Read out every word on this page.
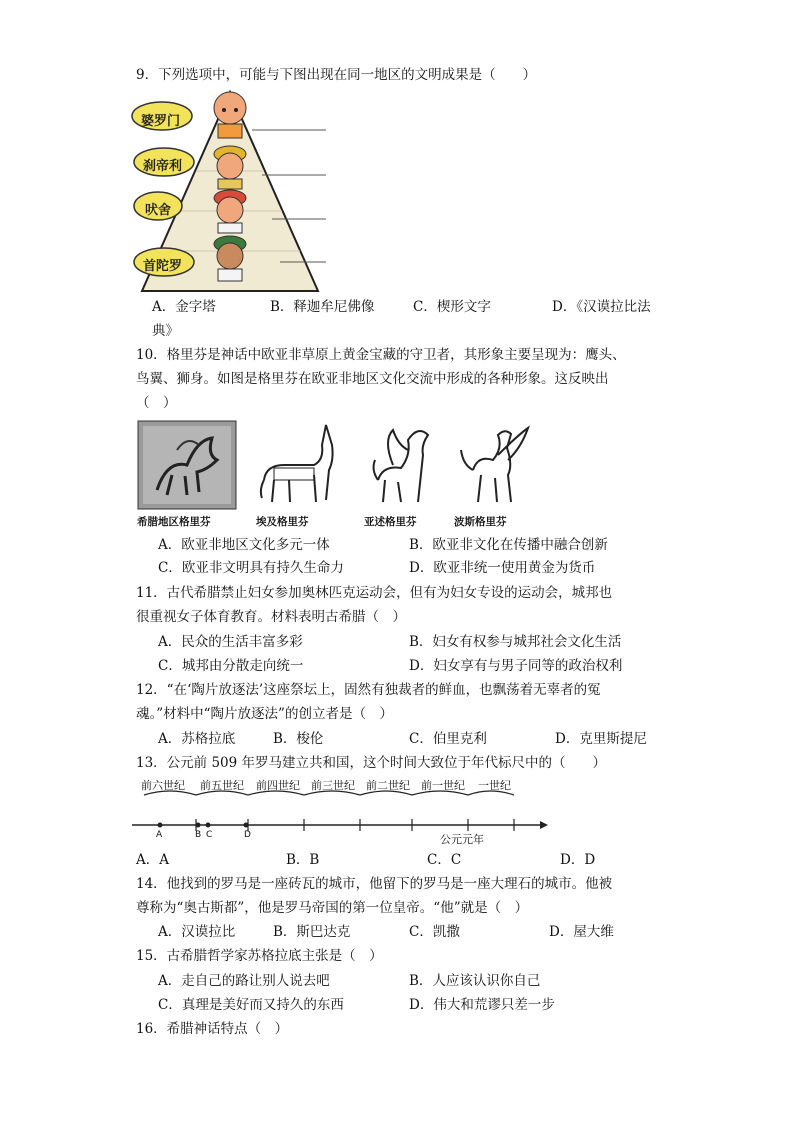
9．下列选项中，可能与下图出现在同一地区的文明成果是（　　）
婆罗门
刹帝利
吠舍
首陀罗
A．金字塔	B．释迦牟尼佛像	C．楔形文字	D．《汉谟拉比法
典》
10．格里芬是神话中欧亚非草原上黄金宝藏的守卫者，其形象主要呈现为：鹰头、
鸟翼、狮身。如图是格里芬在欧亚非地区文化交流中形成的各种形象。这反映出
（　）
希腊地区格里芬	埃及格里芬	亚述格里芬	波斯格里芬
A．欧亚非地区文化多元一体	B．欧亚非文化在传播中融合创新
C．欧亚非文明具有持久生命力	D．欧亚非统一使用黄金为货币
11．古代希腊禁止妇女参加奥林匹克运动会，但有为妇女专设的运动会，城邦也
很重视女子体育教育。材料表明古希腊（　）
A．民众的生活丰富多彩	B．妇女有权参与城邦社会文化生活
C．城邦由分散走向统一	D．妇女享有与男子同等的政治权利
12．“在‘陶片放逐法’这座祭坛上，固然有独裁者的鲜血，也飘荡着无辜者的冤
魂。”材料中“陶片放逐法”的创立者是（　）
A．苏格拉底	B．梭伦	C．伯里克利	D．克里斯提尼
13．公元前 509 年罗马建立共和国，这个时间大致位于年代标尺中的（　　）
前六世纪 前五世纪 前四世纪 前三世纪 前二世纪 前一世纪 一世纪
A	B C	D	公元元年
A．A	B．B	C．C	D．D
14．他找到的罗马是一座砖瓦的城市，他留下的罗马是一座大理石的城市。他被
尊称为“奥古斯都”，他是罗马帝国的第一位皇帝。“他”就是（　）
A．汉谟拉比	B．斯巴达克	C．凯撒	D．屋大维
15．古希腊哲学家苏格拉底主张是（　）
A．走自己的路让别人说去吧	B．人应该认识你自己
C．真理是美好而又持久的东西	D．伟大和荒谬只差一步
16．希腊神话特点（　）
